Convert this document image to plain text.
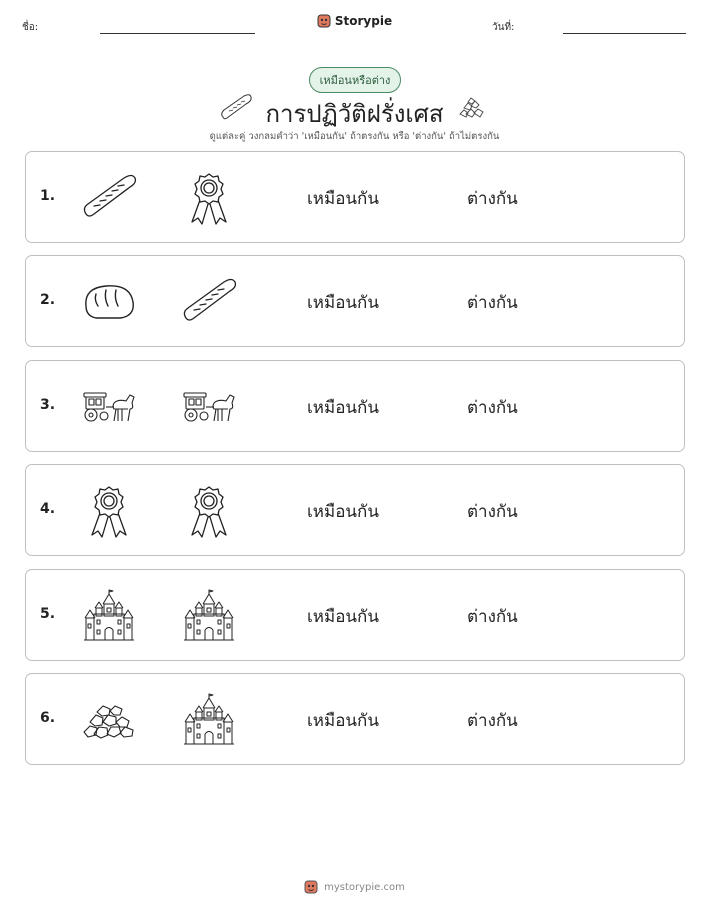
ชื่อ:	วันที่:
Storypie
เหมือนหรือต่าง
การปฏิวัติฝรั่งเศส
ดูแต่ละคู่ วงกลมคำว่า 'เหมือนกัน' ถ้าตรงกัน หรือ 'ต่างกัน' ถ้าไม่ตรงกัน
1.	เหมือนกัน	ต่างกัน
2.	เหมือนกัน	ต่างกัน
3.	เหมือนกัน	ต่างกัน
4.	เหมือนกัน	ต่างกัน
5.	เหมือนกัน	ต่างกัน
6.	เหมือนกัน	ต่างกัน
mystorypie.com
